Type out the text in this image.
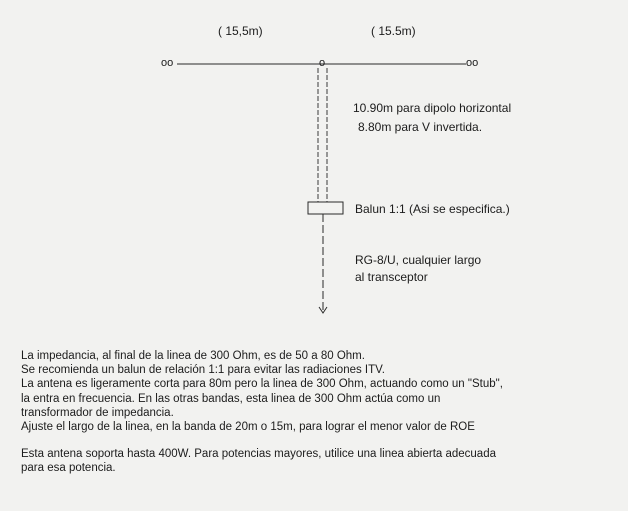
( 15,5m)	( 15.5m)
oo	oo
o
10.90m para dipolo horizontal
8.80m para V invertida.
Balun 1:1 (Asi se especifica.)
RG-8/U, cualquier largo
al transceptor
La impedancia, al final de la linea de 300 Ohm, es de 50 a 80 Ohm.
Se recomienda un balun de relación 1:1 para evitar las radiaciones ITV.
La antena es ligeramente corta para 80m pero la linea de 300 Ohm, actuando como un "Stub",
la entra en frecuencia. En las otras bandas, esta linea de 300 Ohm actúa como un
transformador de impedancia.
Ajuste el largo de la linea, en la banda de 20m o 15m, para lograr el menor valor de ROE
Esta antena soporta hasta 400W. Para potencias mayores, utilice una linea abierta adecuada
para esa potencia.
